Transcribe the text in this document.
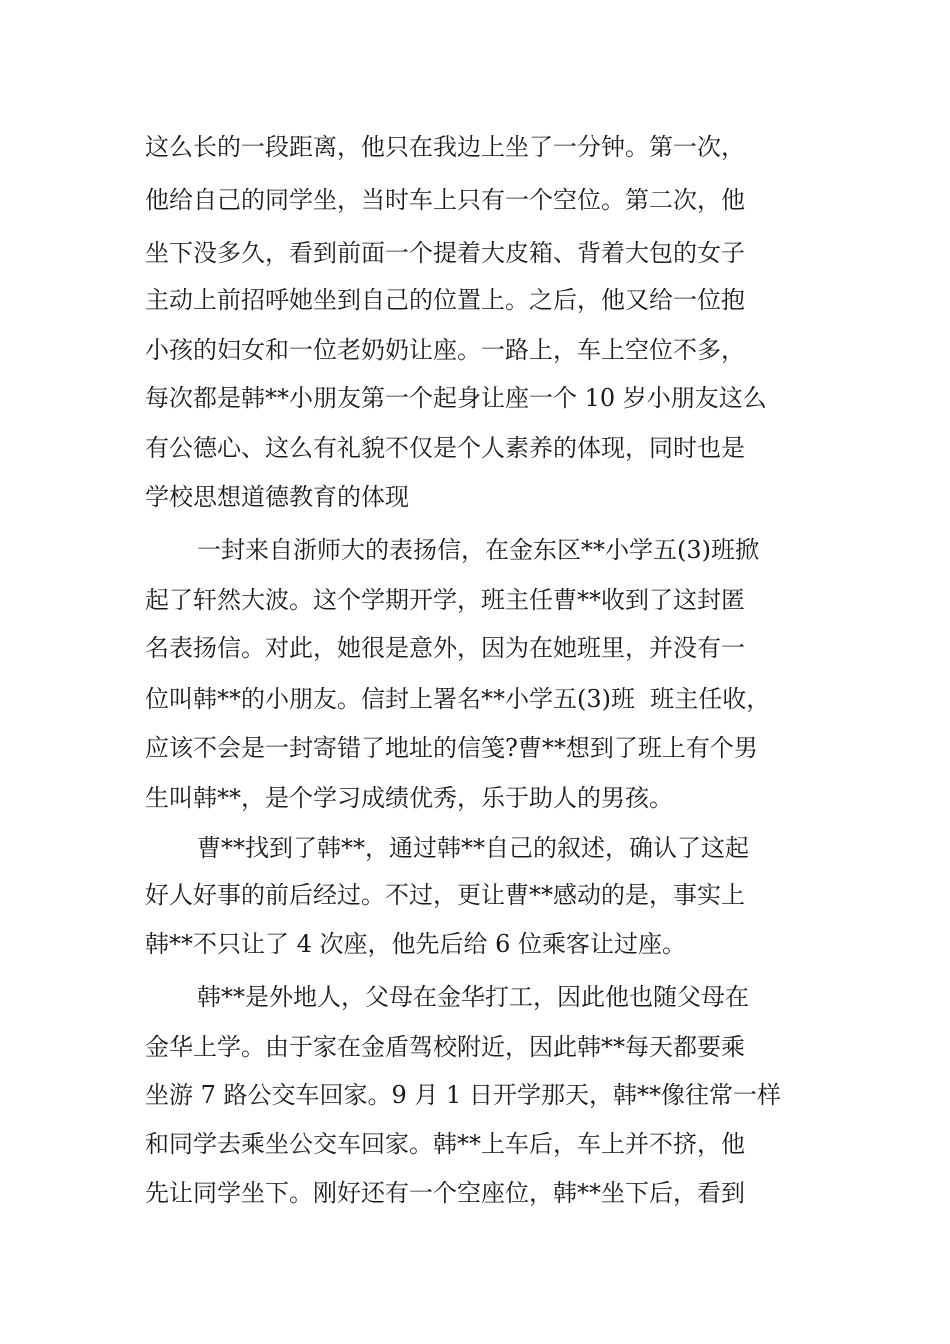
这么长的一段距离，他只在我边上坐了一分钟。第一次，
他给自己的同学坐，当时车上只有一个空位。第二次，他
坐下没多久，看到前面一个提着大皮箱、背着大包的女子
主动上前招呼她坐到自己的位置上。之后，他又给一位抱
小孩的妇女和一位老奶奶让座。一路上，车上空位不多，
每次都是韩**小朋友第一个起身让座一个 10 岁小朋友这么
有公德心、这么有礼貌不仅是个人素养的体现，同时也是
学校思想道德教育的体现
一封来自浙师大的表扬信，在金东区**小学五(3)班掀
起了轩然大波。这个学期开学，班主任曹**收到了这封匿
名表扬信。对此，她很是意外，因为在她班里，并没有一
位叫韩**的小朋友。信封上署名**小学五(3)班  班主任收，
应该不会是一封寄错了地址的信笺?曹**想到了班上有个男
生叫韩**，是个学习成绩优秀，乐于助人的男孩。
曹**找到了韩**，通过韩**自己的叙述，确认了这起
好人好事的前后经过。不过，更让曹**感动的是，事实上
韩**不只让了 4 次座，他先后给 6 位乘客让过座。
韩**是外地人，父母在金华打工，因此他也随父母在
金华上学。由于家在金盾驾校附近，因此韩**每天都要乘
坐游 7 路公交车回家。9 月 1 日开学那天，韩**像往常一样
和同学去乘坐公交车回家。韩**上车后，车上并不挤，他
先让同学坐下。刚好还有一个空座位，韩**坐下后，看到
